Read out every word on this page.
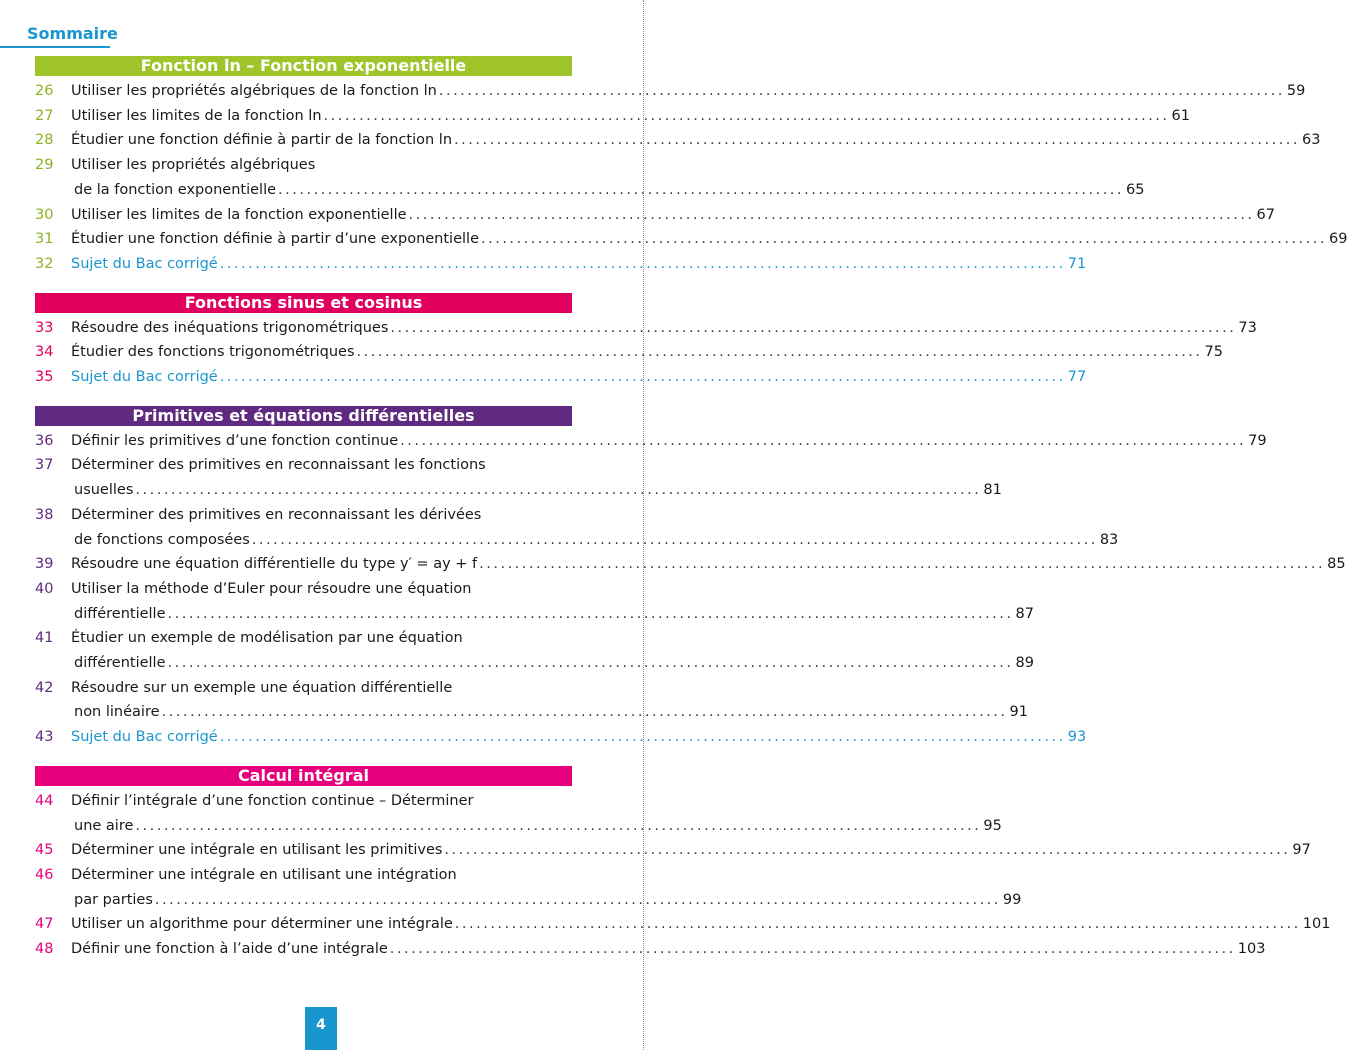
Sommaire
Fonction ln – Fonction exponentielle
26	Utiliser les propriétés algébriques de la fonction ln ....................................................................................................................... 59
27	Utiliser les limites de la fonction ln ....................................................................................................................... 61
28	Étudier une fonction définie à partir de la fonction ln ....................................................................................................................... 63
29	Utiliser les propriétés algébriques
de la fonction exponentielle ....................................................................................................................... 65
30	Utiliser les limites de la fonction exponentielle ....................................................................................................................... 67
31	Étudier une fonction définie à partir d’une exponentielle ....................................................................................................................... 69
32	Sujet du Bac corrigé ....................................................................................................................... 71
Fonctions sinus et cosinus
33	Résoudre des inéquations trigonométriques ....................................................................................................................... 73
34	Étudier des fonctions trigonométriques ....................................................................................................................... 75
35	Sujet du Bac corrigé ....................................................................................................................... 77
Primitives et équations différentielles
36	Définir les primitives d’une fonction continue ....................................................................................................................... 79
37	Déterminer des primitives en reconnaissant les fonctions
usuelles ....................................................................................................................... 81
38	Déterminer des primitives en reconnaissant les dérivées
de fonctions composées ....................................................................................................................... 83
39	Résoudre une équation différentielle du type y′ = ay + f ....................................................................................................................... 85
40	Utiliser la méthode d’Euler pour résoudre une équation
différentielle ....................................................................................................................... 87
41	Étudier un exemple de modélisation par une équation
différentielle ....................................................................................................................... 89
42	Résoudre sur un exemple une équation différentielle
non linéaire ....................................................................................................................... 91
43	Sujet du Bac corrigé ....................................................................................................................... 93
Calcul intégral
44	Définir l’intégrale d’une fonction continue – Déterminer
une aire ....................................................................................................................... 95
45	Déterminer une intégrale en utilisant les primitives ....................................................................................................................... 97
46	Déterminer une intégrale en utilisant une intégration
par parties ....................................................................................................................... 99
47	Utiliser un algorithme pour déterminer une intégrale ....................................................................................................................... 101
48	Définir une fonction à l’aide d’une intégrale ....................................................................................................................... 103
4
